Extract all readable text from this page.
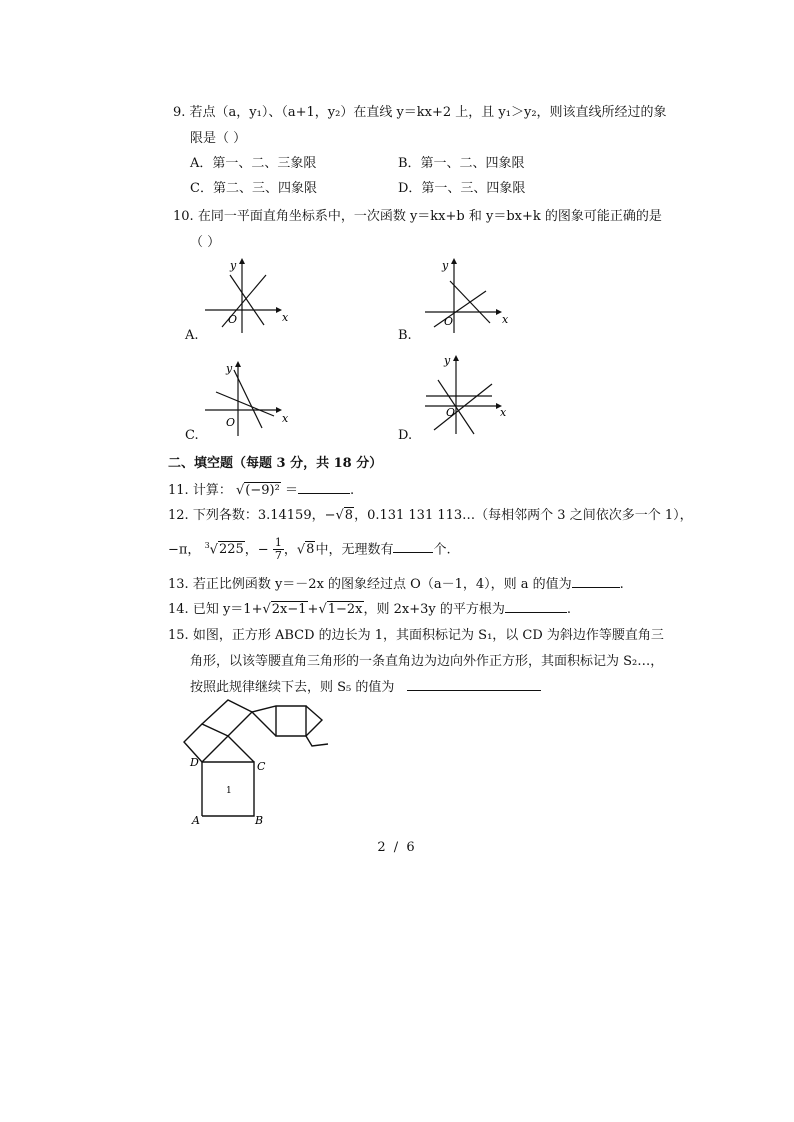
9. 若点（a，y₁）、（a+1，y₂）在直线 y＝kx+2 上，且 y₁＞y₂，则该直线所经过的象
限是（ ）
A．第一、二、三象限	B．第一、二、四象限
C．第二、三、四象限	D．第一、三、四象限
10. 在同一平面直角坐标系中，一次函数 y＝kx+b 和 y＝bx+k 的图象可能正确的是
（ ）
y
x
O
A.
y
x
O
B.
y
x
O
C.
y
x
O
D.
二、填空题（每题 3 分，共 18 分）
11. 计算： √(−9)² ＝	.
12. 下列各数：3.14159，−√8，0.131 131 113…（每相邻两个 3 之间依次多一个 1），
−π， $^3$√225，− $\frac{1}{7}$ ，√8中，无理数有	个.
13. 若正比例函数 y＝－2x 的图象经过点 O（a－1，4），则 a 的值为	.
14. 已知 y＝1+√2x−1+√1−2x，则 2x+3y 的平方根为	.
15. 如图，正方形 ABCD 的边长为 1，其面积标记为 S₁，以 CD 为斜边作等腰直角三
角形，以该等腰直角三角形的一条直角边为边向外作正方形，其面积标记为 S₂…，
按照此规律继续下去，则 S₅ 的值为
D	C
A	B
1
2 / 6
